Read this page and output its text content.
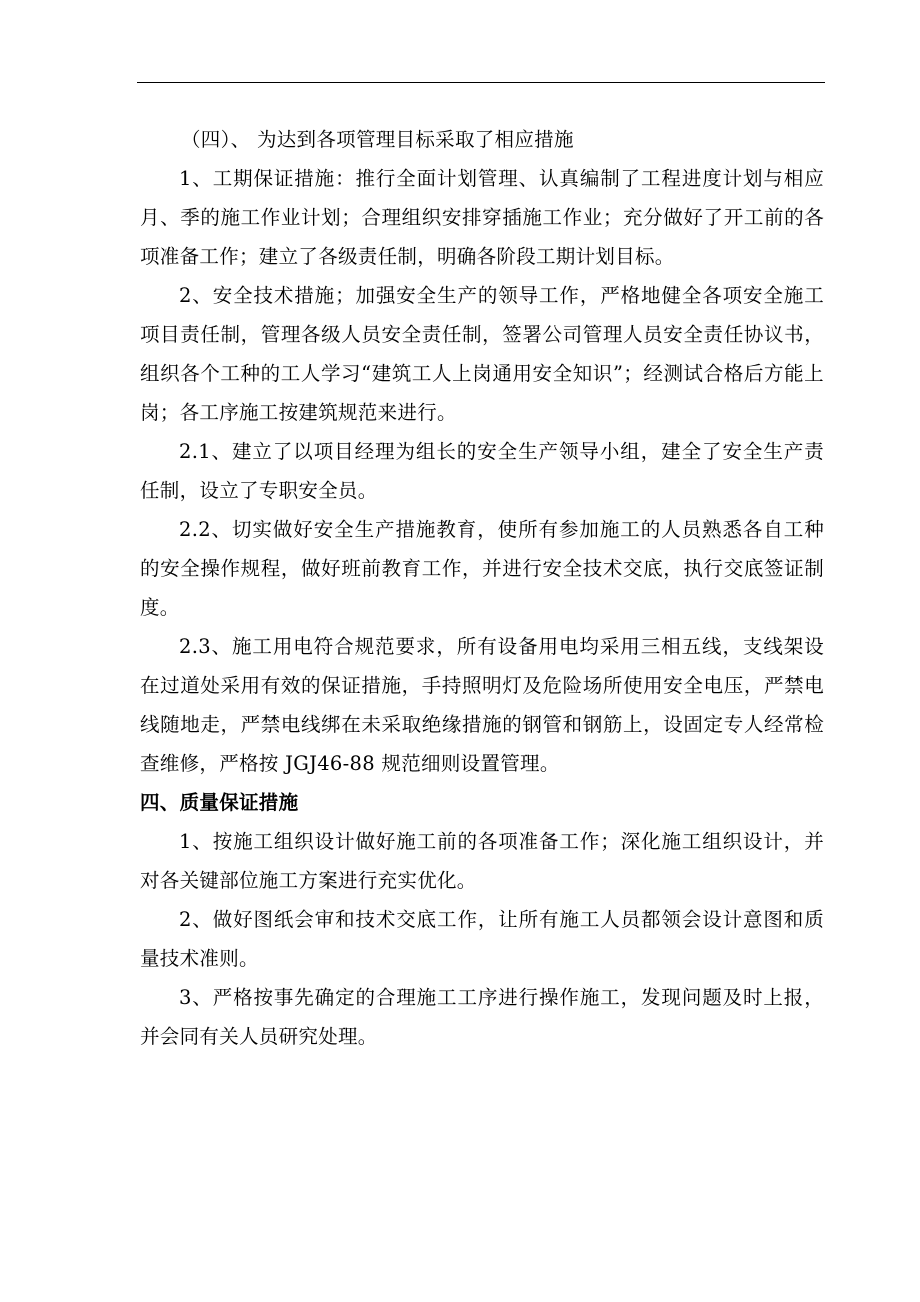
（四）、 为达到各项管理目标采取了相应措施

1、工期保证措施：推行全面计划管理、认真编制了工程进度计划与相应月、季的施工作业计划；合理组织安排穿插施工作业；充分做好了开工前的各项准备工作；建立了各级责任制，明确各阶段工期计划目标。

2、安全技术措施；加强安全生产的领导工作，严格地健全各项安全施工项目责任制，管理各级人员安全责任制，签署公司管理人员安全责任协议书，组织各个工种的工人学习“建筑工人上岗通用安全知识”；经测试合格后方能上岗；各工序施工按建筑规范来进行。

2.1、建立了以项目经理为组长的安全生产领导小组，建全了安全生产责任制，设立了专职安全员。

2.2、切实做好安全生产措施教育，使所有参加施工的人员熟悉各自工种的安全操作规程，做好班前教育工作，并进行安全技术交底，执行交底签证制度。

2.3、施工用电符合规范要求，所有设备用电均采用三相五线，支线架设在过道处采用有效的保证措施，手持照明灯及危险场所使用安全电压，严禁电线随地走，严禁电线绑在未采取绝缘措施的钢管和钢筋上，设固定专人经常检查维修，严格按 JGJ46-88 规范细则设置管理。

四、质量保证措施

1、按施工组织设计做好施工前的各项准备工作；深化施工组织设计，并对各关键部位施工方案进行充实优化。

2、做好图纸会审和技术交底工作，让所有施工人员都领会设计意图和质量技术准则。

3、严格按事先确定的合理施工工序进行操作施工，发现问题及时上报，并会同有关人员研究处理。
